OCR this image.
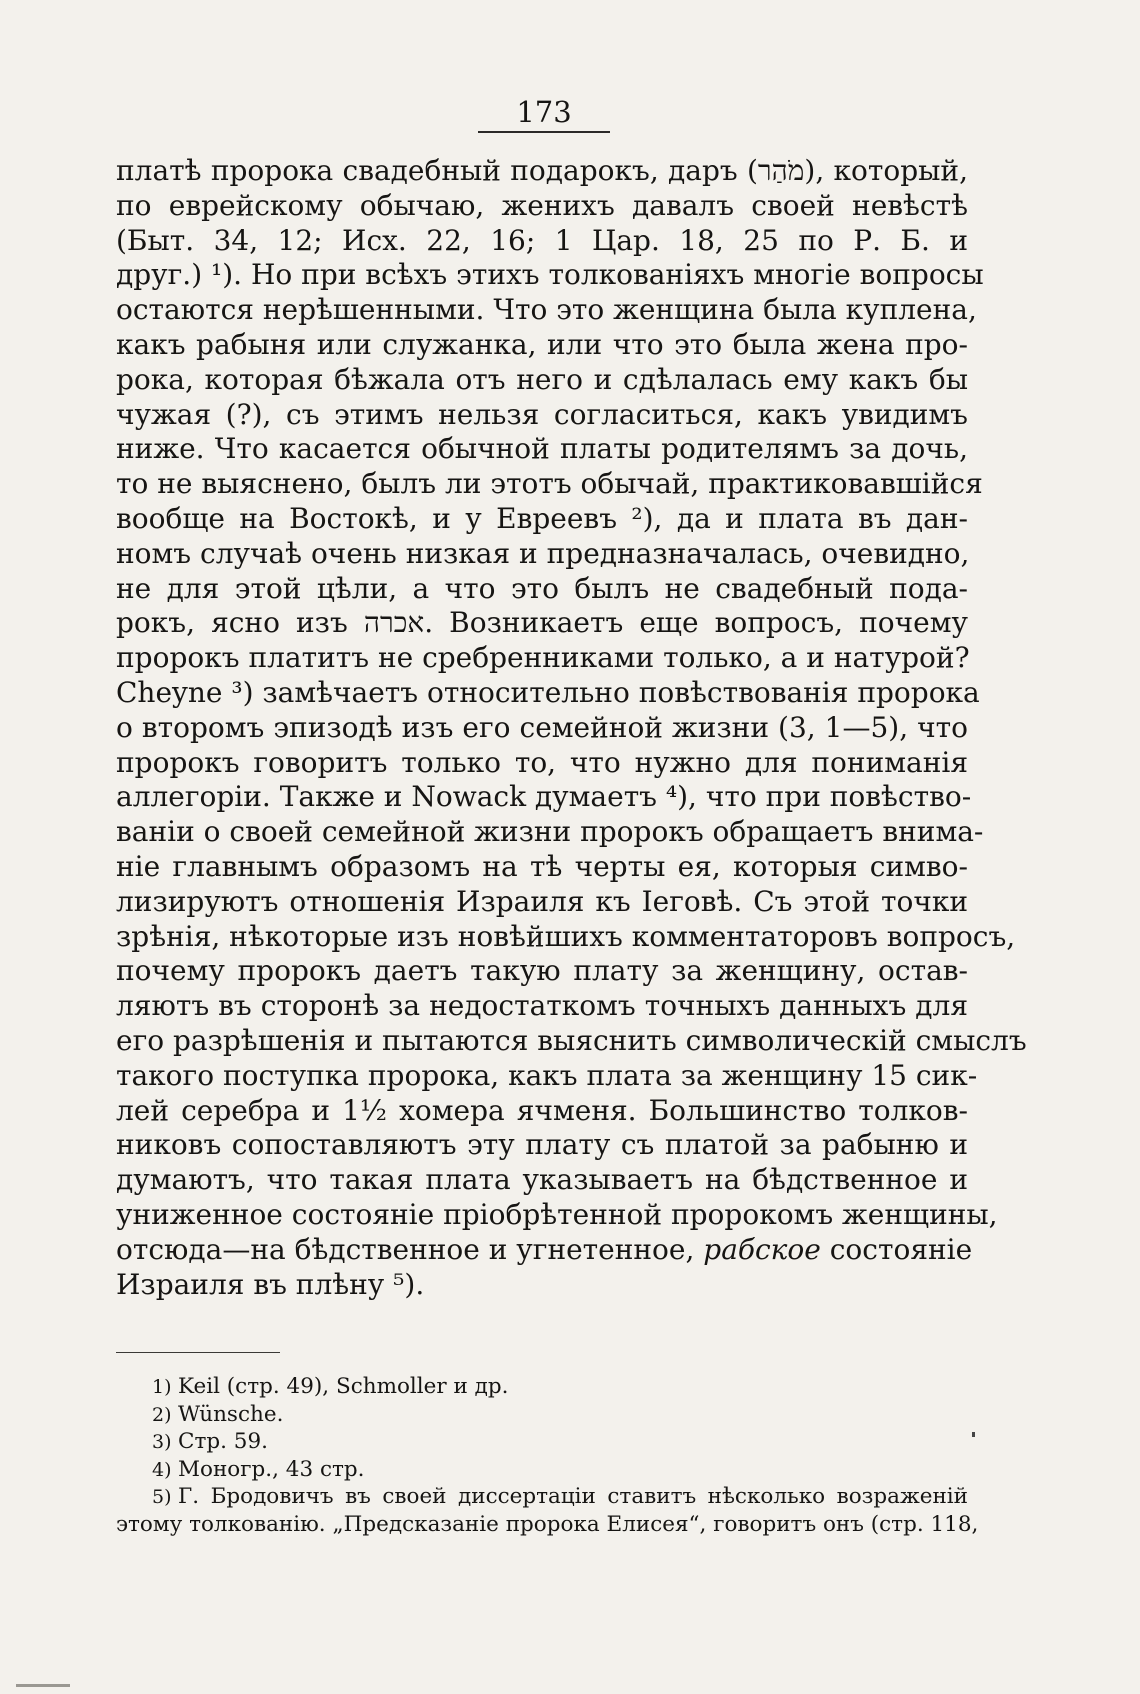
173
платѣ пророка свадебный подарокъ, даръ (מֹהַר), который,
по еврейскому обычаю, женихъ давалъ своей невѣстѣ
(Быт. 34, 12; Исх. 22, 16; 1 Цар. 18, 25 по Р. Б. и
друг.) ¹). Но при всѣхъ этихъ толкованіяхъ многіе вопросы
остаются нерѣшенными. Что это женщина была куплена,
какъ рабыня или служанка, или что это была жена про-
рока, которая бѣжала отъ него и сдѣлалась ему какъ бы
чужая (?), съ этимъ нельзя согласиться, какъ увидимъ
ниже. Что касается обычной платы родителямъ за дочь,
то не выяснено, былъ ли этотъ обычай, практиковавшійся
вообще на Востокѣ, и у Евреевъ ²), да и плата въ дан-
номъ случаѣ очень низкая и предназначалась, очевидно,
не для этой цѣли, а что это былъ не свадебный пода-
рокъ, ясно изъ אכרה. Возникаетъ еще вопросъ, почему
пророкъ платитъ не сребренниками только, а и натурой?
Cheyne ³) замѣчаетъ относительно повѣствованія пророка
о второмъ эпизодѣ изъ его семейной жизни (3, 1—5), что
пророкъ говоритъ только то, что нужно для пониманія
аллегоріи. Также и Nowack думаетъ ⁴), что при повѣство-
ваніи о своей семейной жизни пророкъ обращаетъ внима-
ніе главнымъ образомъ на тѣ черты ея, которыя симво-
лизируютъ отношенія Израиля къ Іеговѣ. Съ этой точки
зрѣнія, нѣкоторые изъ новѣйшихъ комментаторовъ вопросъ,
почему пророкъ даетъ такую плату за женщину, остав-
ляютъ въ сторонѣ за недостаткомъ точныхъ данныхъ для
его разрѣшенія и пытаются выяснить символическій смыслъ
такого поступка пророка, какъ плата за женщину 15 сик-
лей серебра и 1½ хомера ячменя. Большинство толков-
никовъ сопоставляютъ эту плату съ платой за рабыню и
думаютъ, что такая плата указываетъ на бѣдственное и
униженное состояніе пріобрѣтенной пророкомъ женщины,
отсюда—на бѣдственное и угнетенное, рабское состояніе
Израиля въ плѣну ⁵).
1) Keil (стр. 49), Schmoller и др.
2) Wünsche.
3) Стр. 59.
4) Моногр., 43 стр.
5) Г. Бродовичъ въ своей диссертаціи ставитъ нѣсколько возраженій
этому толкованію. „Предсказаніе пророка Елисея“, говоритъ онъ (стр. 118,
